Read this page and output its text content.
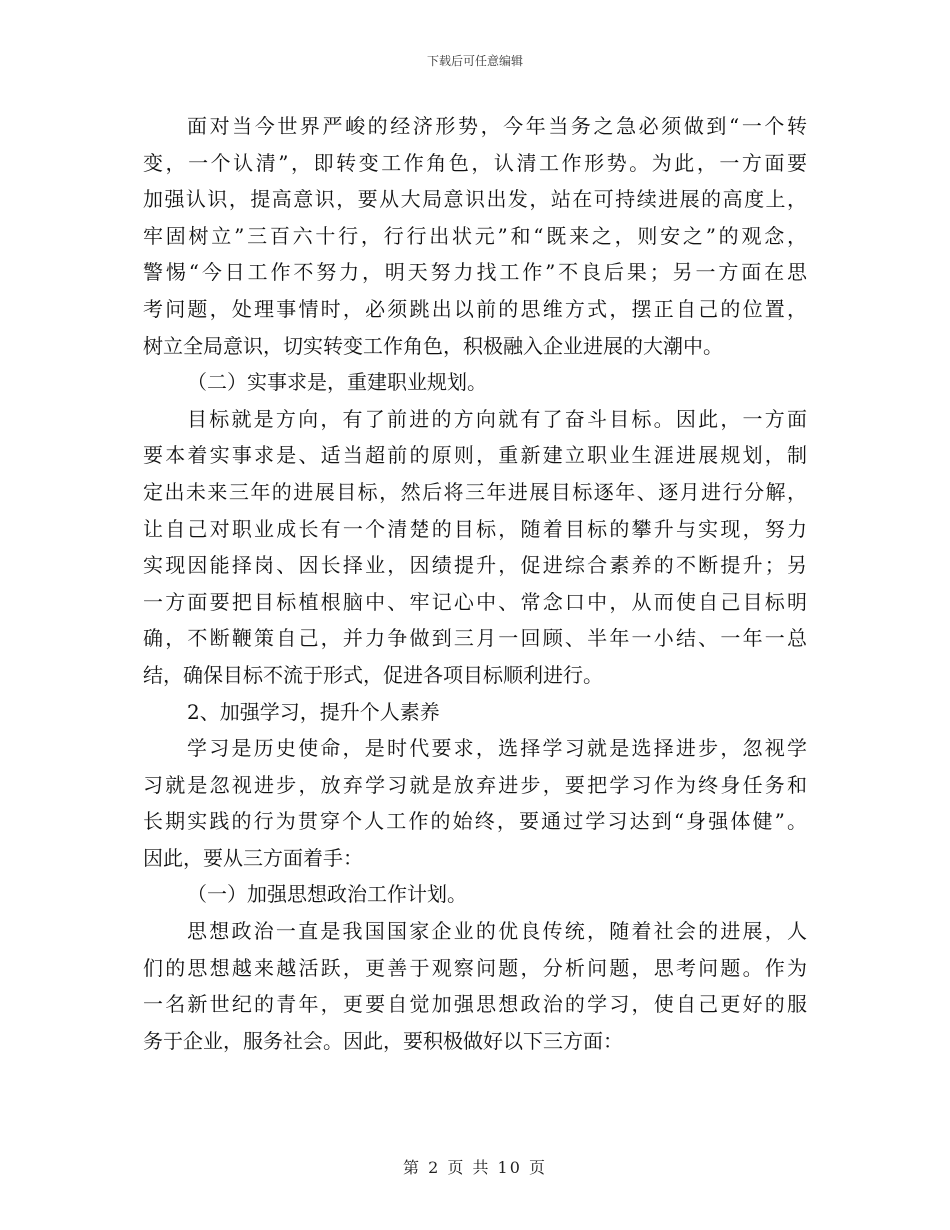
下载后可任意编辑
面对当今世界严峻的经济形势，今年当务之急必须做到“一个转
变，一个认清”，即转变工作角色，认清工作形势。为此，一方面要
加强认识，提高意识，要从大局意识出发，站在可持续进展的高度上，
牢固树立”三百六十行，行行出状元”和“既来之，则安之”的观念，
警惕“今日工作不努力，明天努力找工作”不良后果；另一方面在思
考问题，处理事情时，必须跳出以前的思维方式，摆正自己的位置，
树立全局意识，切实转变工作角色，积极融入企业进展的大潮中。
（二）实事求是，重建职业规划。
目标就是方向，有了前进的方向就有了奋斗目标。因此，一方面
要本着实事求是、适当超前的原则，重新建立职业生涯进展规划，制
定出未来三年的进展目标，然后将三年进展目标逐年、逐月进行分解，
让自己对职业成长有一个清楚的目标，随着目标的攀升与实现，努力
实现因能择岗、因长择业，因绩提升，促进综合素养的不断提升；另
一方面要把目标植根脑中、牢记心中、常念口中，从而使自己目标明
确，不断鞭策自己，并力争做到三月一回顾、半年一小结、一年一总
结，确保目标不流于形式，促进各项目标顺利进行。
2、加强学习，提升个人素养
学习是历史使命，是时代要求，选择学习就是选择进步，忽视学
习就是忽视进步，放弃学习就是放弃进步，要把学习作为终身任务和
长期实践的行为贯穿个人工作的始终，要通过学习达到“身强体健”。
因此，要从三方面着手：
（一）加强思想政治工作计划。
思想政治一直是我国国家企业的优良传统，随着社会的进展，人
们的思想越来越活跃，更善于观察问题，分析问题，思考问题。作为
一名新世纪的青年，更要自觉加强思想政治的学习，使自己更好的服
务于企业，服务社会。因此，要积极做好以下三方面：
第 2 页 共 10 页
